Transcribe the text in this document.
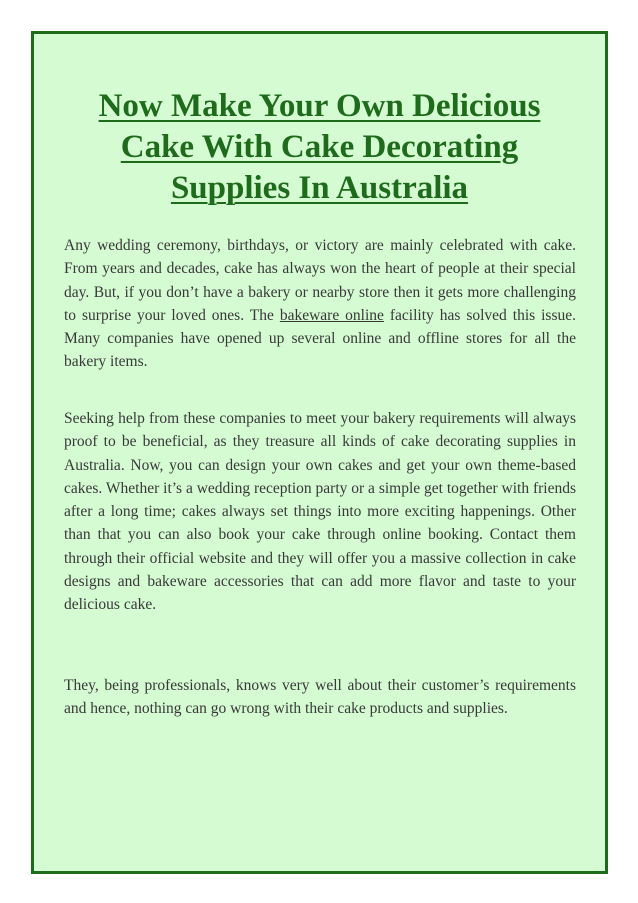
Now Make Your Own Delicious
Cake With Cake Decorating
Supplies In Australia

Any wedding ceremony, birthdays, or victory are mainly celebrated with cake. From years and decades, cake has always won the heart of people at their special day. But, if you don’t have a bakery or nearby store then it gets more challenging to surprise your loved ones. The bakeware online facility has solved this issue. Many companies have opened up several online and offline stores for all the bakery items.

Seeking help from these companies to meet your bakery requirements will always proof to be beneficial, as they treasure all kinds of cake decorating supplies in Australia. Now, you can design your own cakes and get your own theme-based cakes. Whether it’s a wedding reception party or a simple get together with friends after a long time; cakes always set things into more exciting happenings. Other than that you can also book your cake through online booking. Contact them through their official website and they will offer you a massive collection in cake designs and bakeware accessories that can add more flavor and taste to your delicious cake.

They, being professionals, knows very well about their customer’s requirements and hence, nothing can go wrong with their cake products and supplies.
